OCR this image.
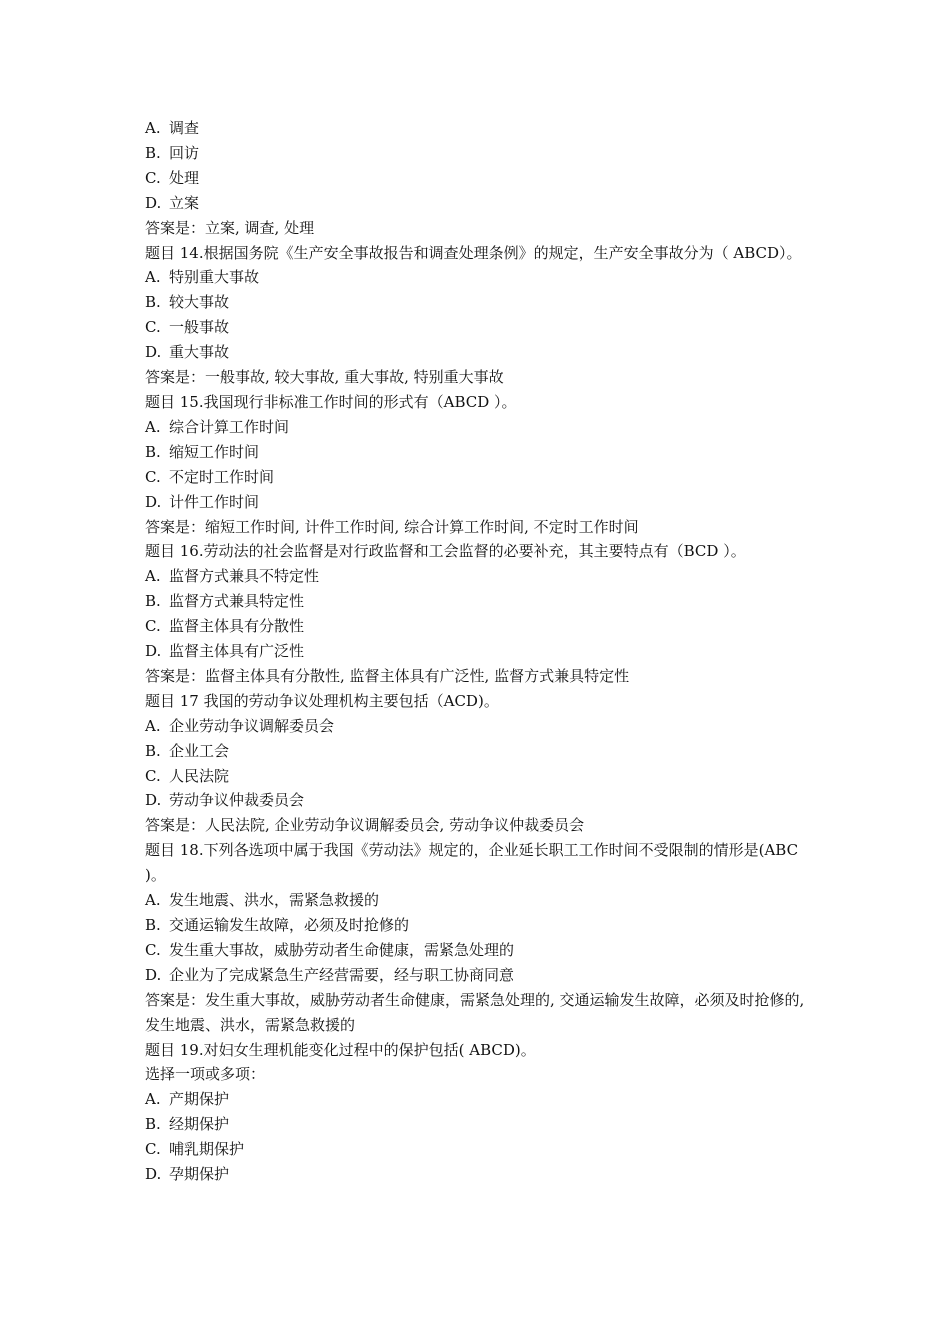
A. 调查
B. 回访
C. 处理
D. 立案
答案是：立案, 调查, 处理
题目 14.根据国务院《生产安全事故报告和调查处理条例》的规定，生产安全事故分为（ ABCD）。
A. 特别重大事故
B. 较大事故
C. 一般事故
D. 重大事故
答案是：一般事故, 较大事故, 重大事故, 特别重大事故
题目 15.我国现行非标准工作时间的形式有（ABCD ）。
A. 综合计算工作时间
B. 缩短工作时间
C. 不定时工作时间
D. 计件工作时间
答案是：缩短工作时间, 计件工作时间, 综合计算工作时间, 不定时工作时间
题目 16.劳动法的社会监督是对行政监督和工会监督的必要补充，其主要特点有（BCD ）。
A. 监督方式兼具不特定性
B. 监督方式兼具特定性
C. 监督主体具有分散性
D. 监督主体具有广泛性
答案是：监督主体具有分散性, 监督主体具有广泛性, 监督方式兼具特定性
题目 17 我国的劳动争议处理机构主要包括（ACD)。
A. 企业劳动争议调解委员会
B. 企业工会
C. 人民法院
D. 劳动争议仲裁委员会
答案是：人民法院, 企业劳动争议调解委员会, 劳动争议仲裁委员会
题目 18.下列各选项中属于我国《劳动法》规定的，企业延长职工工作时间不受限制的情形是(ABC )。
A. 发生地震、洪水，需紧急救援的
B. 交通运输发生故障，必须及时抢修的
C. 发生重大事故，威胁劳动者生命健康，需紧急处理的
D. 企业为了完成紧急生产经营需要，经与职工协商同意
答案是：发生重大事故，威胁劳动者生命健康，需紧急处理的, 交通运输发生故障，必须及时抢修的, 发生地震、洪水，需紧急救援的
题目 19.对妇女生理机能变化过程中的保护包括( ABCD)。
选择一项或多项：
A. 产期保护
B. 经期保护
C. 哺乳期保护
D. 孕期保护
